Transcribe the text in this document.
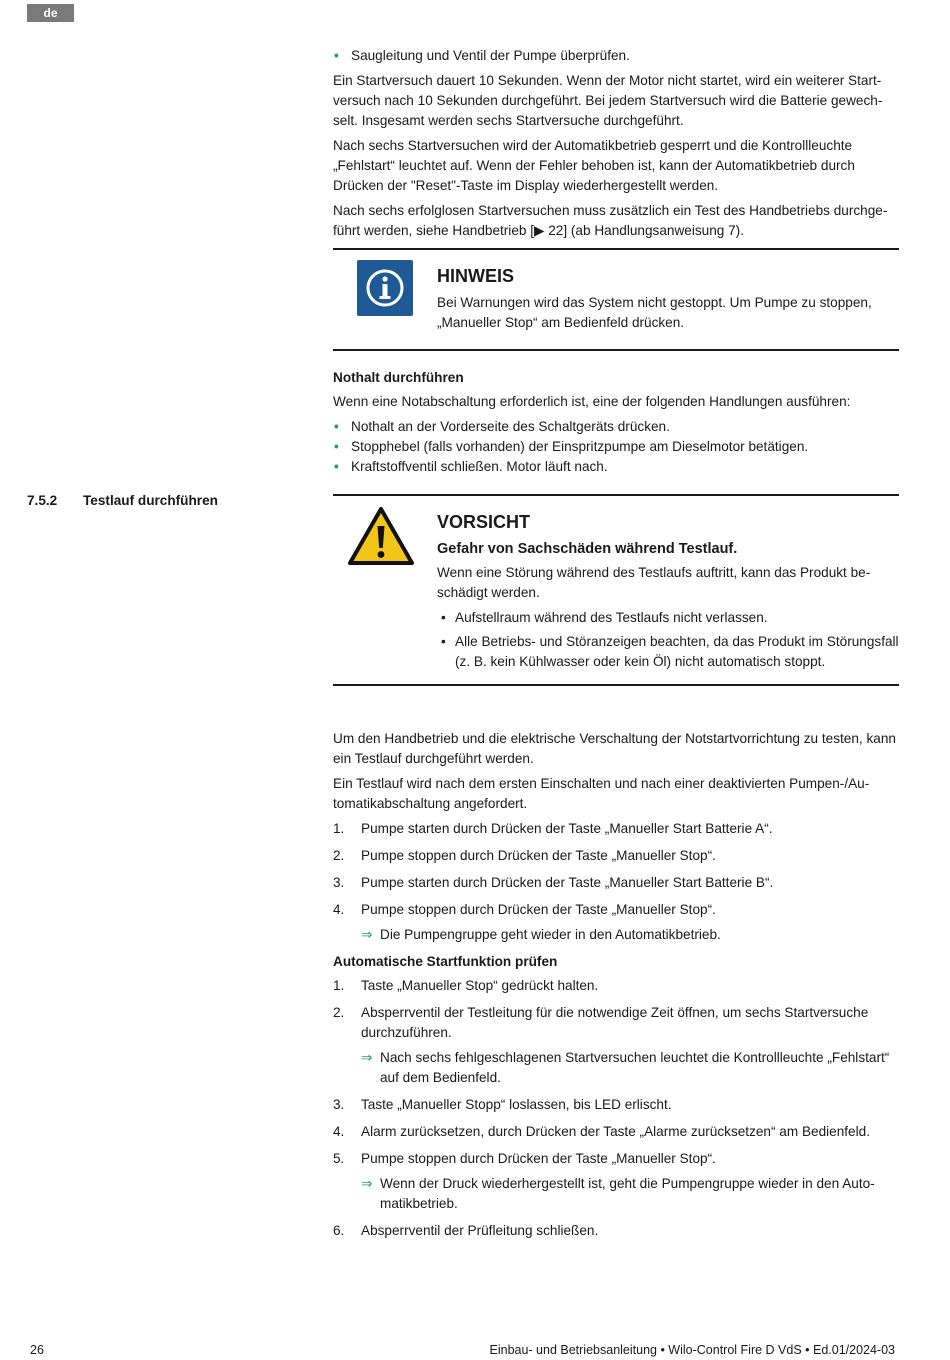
de
• Saugleitung und Ventil der Pumpe überprüfen.

Ein Startversuch dauert 10 Sekunden. Wenn der Motor nicht startet, wird ein weiterer Startversuch nach 10 Sekunden durchgeführt. Bei jedem Startversuch wird die Batterie gewechselt. Insgesamt werden sechs Startversuche durchgeführt.

Nach sechs Startversuchen wird der Automatikbetrieb gesperrt und die Kontrollleuchte „Fehlstart“ leuchtet auf. Wenn der Fehler behoben ist, kann der Automatikbetrieb durch Drücken der "Reset"-Taste im Display wiederhergestellt werden.

Nach sechs erfolglosen Startversuchen muss zusätzlich ein Test des Handbetriebs durchgeführt werden, siehe Handbetrieb [▶ 22] (ab Handlungsanweisung 7).

HINWEIS

Bei Warnungen wird das System nicht gestoppt. Um Pumpe zu stoppen, „Manueller Stop“ am Bedienfeld drücken.

Nothalt durchführen

Wenn eine Notabschaltung erforderlich ist, eine der folgenden Handlungen ausführen:

• Nothalt an der Vorderseite des Schaltgeräts drücken.
• Stopphebel (falls vorhanden) der Einspritzpumpe am Dieselmotor betätigen.
• Kraftstoffventil schließen. Motor läuft nach.
7.5.2 Testlauf durchführen
VORSICHT
Gefahr von Sachschäden während Testlauf.

Wenn eine Störung während des Testlaufs auftritt, kann das Produkt beschädigt werden.

• Aufstellraum während des Testlaufs nicht verlassen.
• Alle Betriebs- und Störanzeigen beachten, da das Produkt im Störungsfall (z. B. kein Kühlwasser oder kein Öl) nicht automatisch stoppt.

Um den Handbetrieb und die elektrische Verschaltung der Notstartvorrichtung zu testen, kann ein Testlauf durchgeführt werden.

Ein Testlauf wird nach dem ersten Einschalten und nach einer deaktivierten Pumpen-/Automatikabschaltung angefordert.

1. Pumpe starten durch Drücken der Taste „Manueller Start Batterie A“.
2. Pumpe stoppen durch Drücken der Taste „Manueller Stop“.
3. Pumpe starten durch Drücken der Taste „Manueller Start Batterie B“.
4. Pumpe stoppen durch Drücken der Taste „Manueller Stop“.
⇒ Die Pumpengruppe geht wieder in den Automatikbetrieb.
Automatische Startfunktion prüfen
1. Taste „Manueller Stop“ gedrückt halten.
2. Absperrventil der Testleitung für die notwendige Zeit öffnen, um sechs Startversuche durchzuführen.
⇒ Nach sechs fehlgeschlagenen Startversuchen leuchtet die Kontrollleuchte „Fehlstart“ auf dem Bedienfeld.
3. Taste „Manueller Stopp“ loslassen, bis LED erlischt.
4. Alarm zurücksetzen, durch Drücken der Taste „Alarme zurücksetzen“ am Bedienfeld.
5. Pumpe stoppen durch Drücken der Taste „Manueller Stop“.
⇒ Wenn der Druck wiederhergestellt ist, geht die Pumpengruppe wieder in den Automatikbetrieb.
6. Absperrventil der Prüfleitung schließen.
26	Einbau- und Betriebsanleitung • Wilo-Control Fire D VdS • Ed.01/2024-03
